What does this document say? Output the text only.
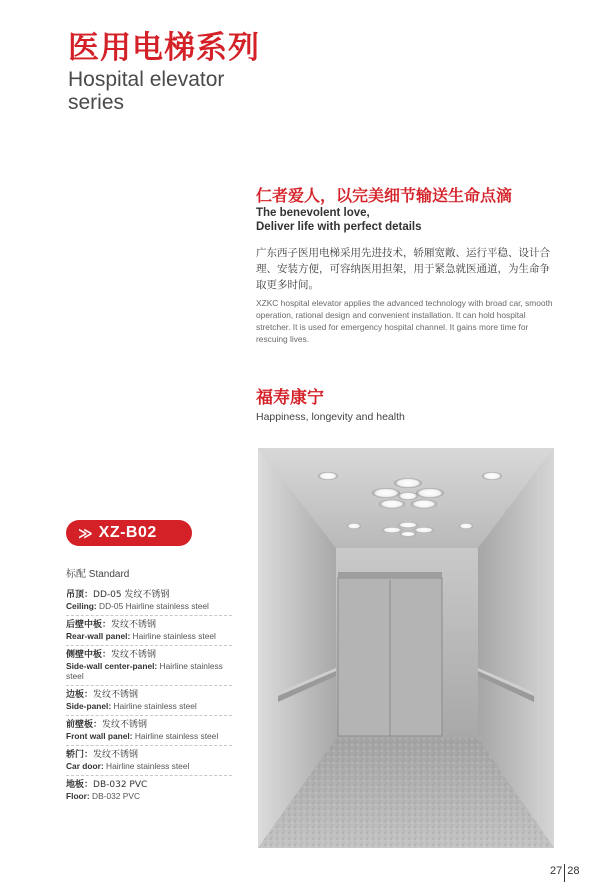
医用电梯系列
Hospital elevator
series
仁者爱人，以完美细节输送生命点滴
The benevolent love,
Deliver life with perfect details
广东西子医用电梯采用先进技术，轿厢宽敞、运行平稳、设计合理、安装方便，可容纳医用担架，用于紧急就医通道，为生命争取更多时间。
XZKC hospital elevator applies the advanced technology with broad car, smooth operation, rational design and convenient installation. It can hold hospital stretcher. It is used for emergency hospital channel. It gains more time for rescuing lives.
福寿康宁
Happiness, longevity and health
≫ XZ-B02
标配 Standard
吊顶：DD-05 发纹不锈钢
Ceiling: DD-05 Hairline stainless steel
后壁中板：发纹不锈钢
Rear-wall panel: Hairline stainless steel
侧壁中板：发纹不锈钢
Side-wall center-panel: Hairline stainless steel
边板：发纹不锈钢
Side-panel: Hairline stainless steel
前壁板：发纹不锈钢
Front wall panel: Hairline stainless steel
轿门：发纹不锈钢
Car door: Hairline stainless steel
地板：DB-032 PVC
Floor: DB-032 PVC
27 28
